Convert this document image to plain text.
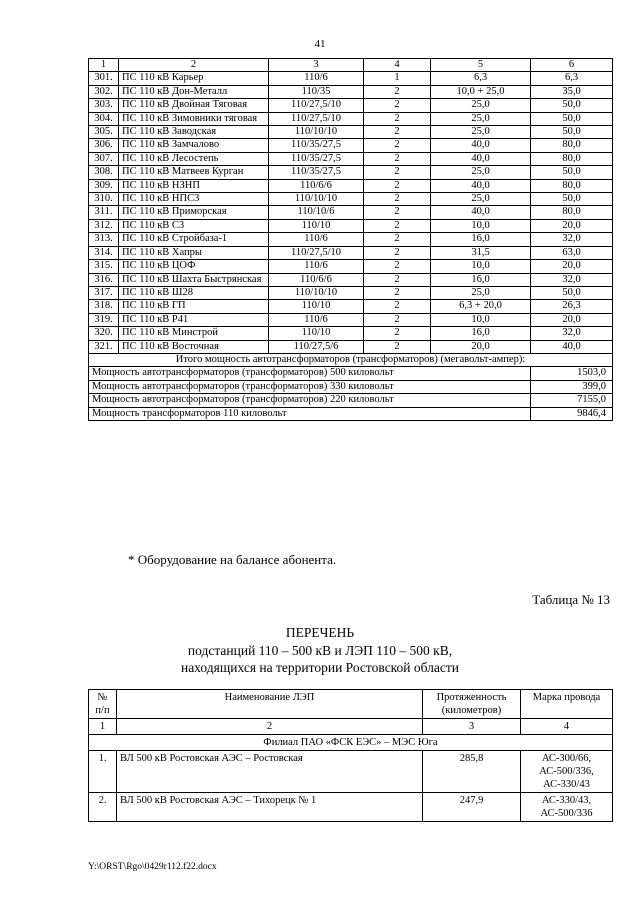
41
1	2	3	4	5	6
301.	ПС 110 кВ Карьер	110/6	1	6,3	6,3
302.	ПС 110 кВ Дон-Металл	110/35	2	10,0 + 25,0	35,0
303.	ПС 110 кВ Двойная Тяговая	110/27,5/10	2	25,0	50,0
304.	ПС 110 кВ Зимовники тяговая	110/27,5/10	2	25,0	50,0
305.	ПС 110 кВ Заводская	110/10/10	2	25,0	50,0
306.	ПС 110 кВ Замчалово	110/35/27,5	2	40,0	80,0
307.	ПС 110 кВ Лесостепь	110/35/27,5	2	40,0	80,0
308.	ПС 110 кВ Матвеев Курган	110/35/27,5	2	25,0	50,0
309.	ПС 110 кВ НЗНП	110/6/6	2	40,0	80,0
310.	ПС 110 кВ НПС3	110/10/10	2	25,0	50,0
311.	ПС 110 кВ Приморская	110/10/6	2	40,0	80,0
312.	ПС 110 кВ С3	110/10	2	10,0	20,0
313.	ПС 110 кВ Стройбаза-1	110/6	2	16,0	32,0
314.	ПС 110 кВ Хапры	110/27,5/10	2	31,5	63,0
315.	ПС 110 кВ ЦОФ	110/6	2	10,0	20,0
316.	ПС 110 кВ Шахта Быстрянская	110/6/6	2	16,0	32,0
317.	ПС 110 кВ Ш28	110/10/10	2	25,0	50,0
318.	ПС 110 кВ ГП	110/10	2	6,3 + 20,0	26,3
319.	ПС 110 кВ Р41	110/6	2	10,0	20,0
320.	ПС 110 кВ Минстрой	110/10	2	16,0	32,0
321.	ПС 110 кВ Восточная	110/27,5/6	2	20,0	40,0
Итого мощность автотрансформаторов (трансформаторов) (мегавольт-ампер):					
Мощность автотрансформаторов (трансформаторов) 500 киловольт					1503,0
Мощность автотрансформаторов (трансформаторов) 330 киловольт					399,0
Мощность автотрансформаторов (трансформаторов) 220 киловольт					7155,0
Мощность трансформаторов 110 киловольт					9846,4
* Оборудование на балансе абонента.
Таблица № 13
ПЕРЕЧЕНЬ
подстанций 110 – 500 кВ и ЛЭП 110 – 500 кВ,
находящихся на территории Ростовской области
№ п/п	Наименование ЛЭП	Протяженность (километров)	Марка провода
1	2	3	4
Филиал ПАО «ФСК ЕЭС» – МЭС Юга			
1.	ВЛ 500 кВ Ростовская АЭС – Ростовская	285,8	АС-300/66, АС-500/336, АС-330/43
2.	ВЛ 500 кВ Ростовская АЭС – Тихорецк № 1	247,9	АС-330/43, АС-500/336
Y:\ORST\Rgo\0429r112.f22.docx
